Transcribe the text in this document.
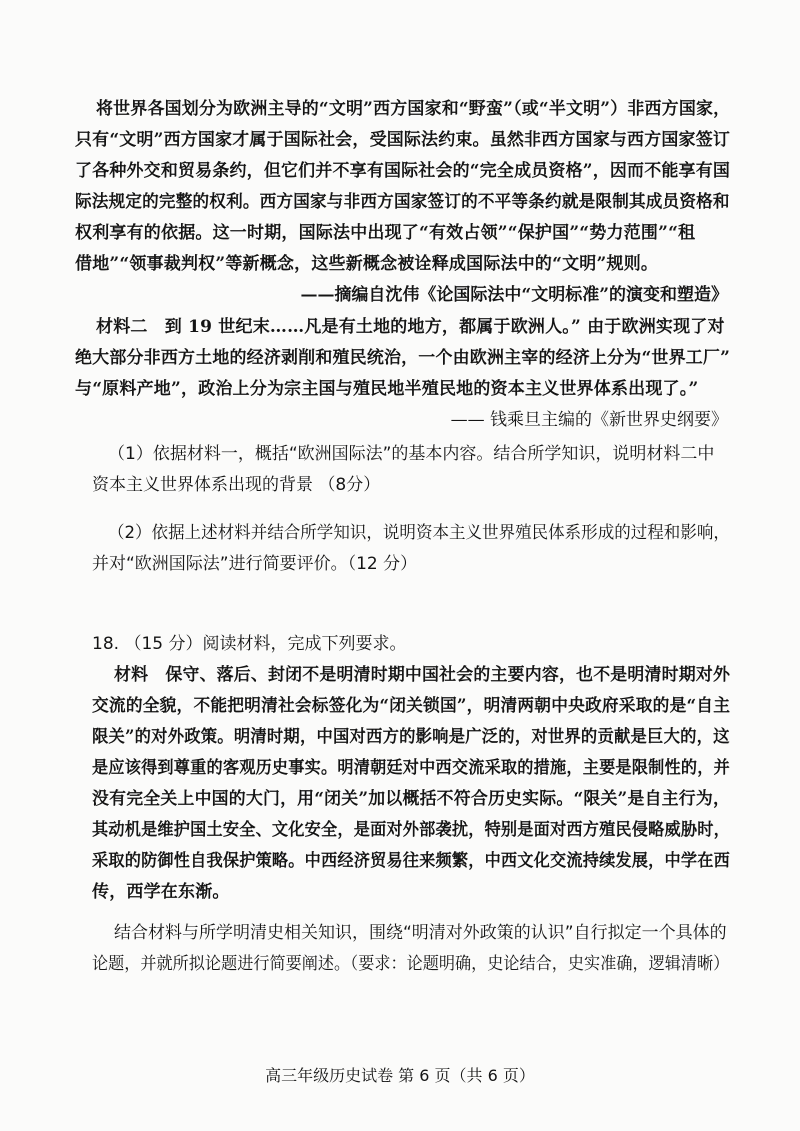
将世界各国划分为欧洲主导的“文明”西方国家和“野蛮”（或“半文明”）非西方国家，
只有“文明”西方国家才属于国际社会，受国际法约束。虽然非西方国家与西方国家签订
了各种外交和贸易条约，但它们并不享有国际社会的“完全成员资格”，因而不能享有国
际法规定的完整的权利。西方国家与非西方国家签订的不平等条约就是限制其成员资格和
权利享有的依据。这一时期，国际法中出现了“有效占领”“保护国”“势力范围”“租
借地”“领事裁判权”等新概念，这些新概念被诠释成国际法中的“文明”规则。
——摘编自沈伟《论国际法中“文明标准”的演变和塑造》
材料二　到 19 世纪末……凡是有土地的地方，都属于欧洲人。” 由于欧洲实现了对
绝大部分非西方土地的经济剥削和殖民统治，一个由欧洲主宰的经济上分为“世界工厂”
与“原料产地”，政治上分为宗主国与殖民地半殖民地的资本主义世界体系出现了。”
—— 钱乘旦主编的《新世界史纲要》
（1）依据材料一，概括“欧洲国际法”的基本内容。结合所学知识，说明材料二中
资本主义世界体系出现的背景 （8分）
（2）依据上述材料并结合所学知识，说明资本主义世界殖民体系形成的过程和影响，
并对“欧洲国际法”进行简要评价。（12 分）
18. （15 分）阅读材料，完成下列要求。
材料　保守、落后、封闭不是明清时期中国社会的主要内容，也不是明清时期对外
交流的全貌，不能把明清社会标签化为“闭关锁国”，明清两朝中央政府采取的是“自主
限关”的对外政策。明清时期，中国对西方的影响是广泛的，对世界的贡献是巨大的，这
是应该得到尊重的客观历史事实。明清朝廷对中西交流采取的措施，主要是限制性的，并
没有完全关上中国的大门，用“闭关”加以概括不符合历史实际。“限关”是自主行为，
其动机是维护国土安全、文化安全，是面对外部袭扰，特别是面对西方殖民侵略威胁时，
采取的防御性自我保护策略。中西经济贸易往来频繁，中西文化交流持续发展，中学在西
传，西学在东渐。
结合材料与所学明清史相关知识，围绕“明清对外政策的认识”自行拟定一个具体的
论题，并就所拟论题进行简要阐述。（要求：论题明确，史论结合，史实准确，逻辑清晰）
高三年级历史试卷 第 6 页（共 6 页）
